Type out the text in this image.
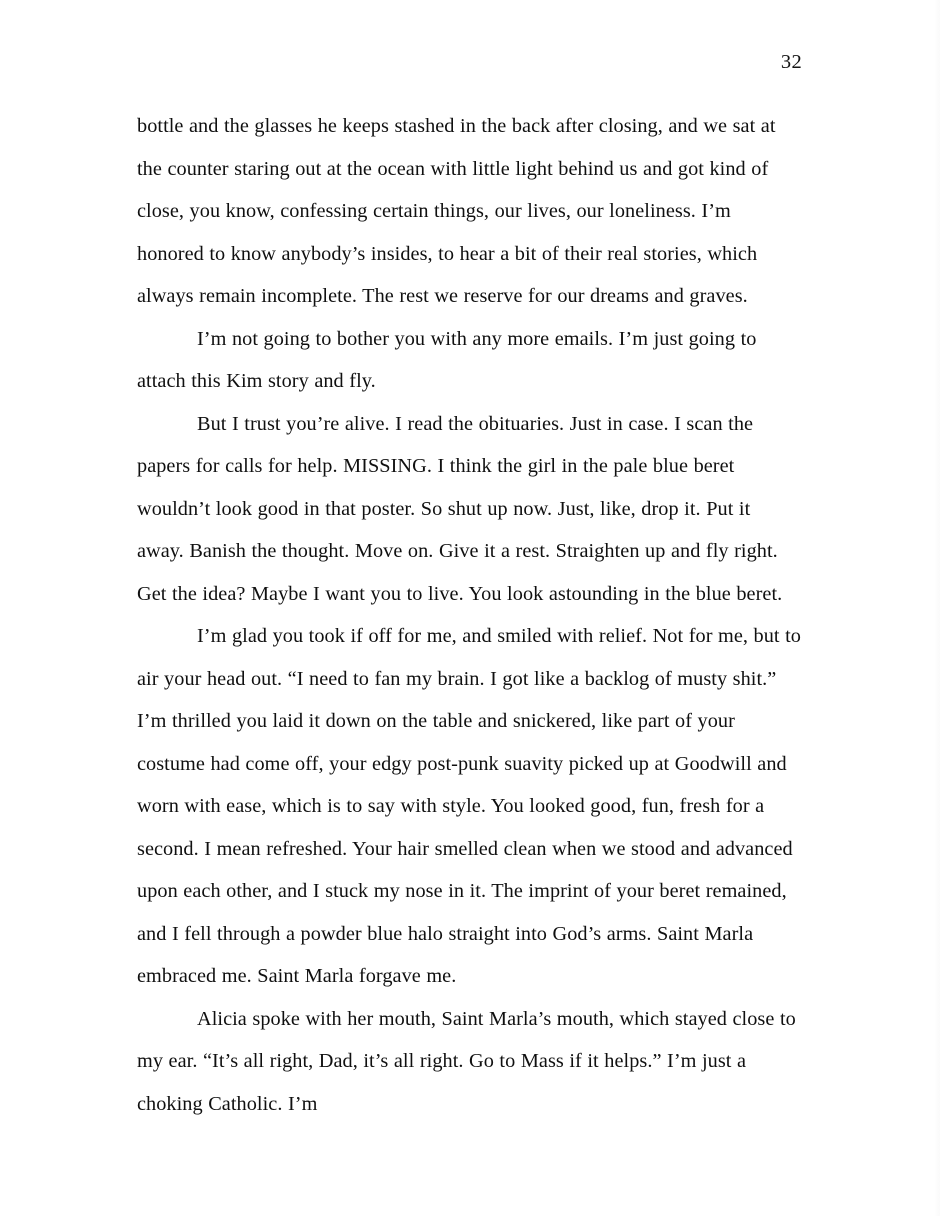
32

bottle and the glasses he keeps stashed in the back after closing, and we sat at the counter staring out at the ocean with little light behind us and got kind of close, you know, confessing certain things, our lives, our loneliness. I’m honored to know anybody’s insides, to hear a bit of their real stories, which always remain incomplete. The rest we reserve for our dreams and graves.

I’m not going to bother you with any more emails. I’m just going to attach this Kim story and fly.

But I trust you’re alive. I read the obituaries. Just in case. I scan the papers for calls for help. MISSING. I think the girl in the pale blue beret wouldn’t look good in that poster. So shut up now. Just, like, drop it. Put it away. Banish the thought. Move on. Give it a rest. Straighten up and fly right. Get the idea? Maybe I want you to live. You look astounding in the blue beret.

I’m glad you took if off for me, and smiled with relief. Not for me, but to air your head out. “I need to fan my brain. I got like a backlog of musty shit.” I’m thrilled you laid it down on the table and snickered, like part of your costume had come off, your edgy post-punk suavity picked up at Goodwill and worn with ease, which is to say with style. You looked good, fun, fresh for a second. I mean refreshed. Your hair smelled clean when we stood and advanced upon each other, and I stuck my nose in it. The imprint of your beret remained, and I fell through a powder blue halo straight into God’s arms. Saint Marla embraced me. Saint Marla forgave me.

Alicia spoke with her mouth, Saint Marla’s mouth, which stayed close to my ear. “It’s all right, Dad, it’s all right. Go to Mass if it helps.” I’m just a choking Catholic. I’m
